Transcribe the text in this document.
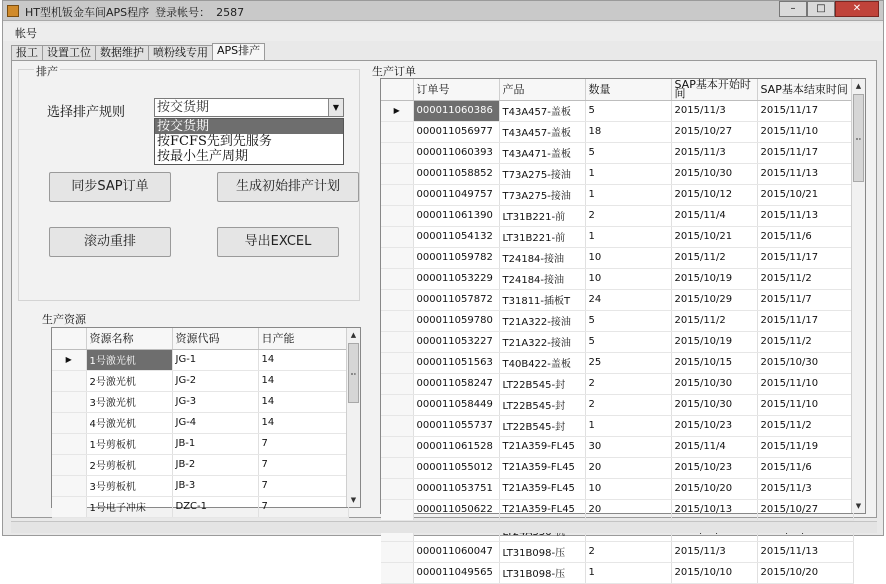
HT型机钣金车间APS程序 登录帐号： 2587	–	□	✕
帐号
报工 设置工位 数据维护 喷粉线专用 APS排产
排产
选择排产规则 按交货期	▼
按交货期
按FCFS先到先服务
按最小生产周期
同步SAP订单	生成初始排产计划
滚动重排	导出EXCEL
生产资源
	资源名称	资源代码	日产能
▶	1号激光机	JG-1	14
	2号激光机	JG-2	14
	3号激光机	JG-3	14
	4号激光机	JG-4	14
	1号剪板机	JB-1	7
	2号剪板机	JB-2	7
	3号剪板机	JB-3	7
	1号电子冲床	DZC-1	7
▲
▼
生产订单
	订单号	产品	数量	SAP基本开始时间	SAP基本结束时间
▶	000011060386	T43A457-盖板	5	2015/11/3	2015/11/17
	000011056977	T43A457-盖板	18	2015/10/27	2015/11/10
	000011060393	T43A471-盖板	5	2015/11/3	2015/11/17
	000011058852	T73A275-接油	1	2015/10/30	2015/11/13
	000011049757	T73A275-接油	1	2015/10/12	2015/10/21
	000011061390	LT31B221-前	2	2015/11/4	2015/11/13
	000011054132	LT31B221-前	1	2015/10/21	2015/11/6
	000011059782	T24184-接油	10	2015/11/2	2015/11/17
	000011053229	T24184-接油	10	2015/10/19	2015/11/2
	000011057872	T31811-插板T	24	2015/10/29	2015/11/7
	000011059780	T21A322-接油	5	2015/11/2	2015/11/17
	000011053227	T21A322-接油	5	2015/10/19	2015/11/2
	000011051563	T40B422-盖板	25	2015/10/15	2015/10/30
	000011058247	LT22B545-封	2	2015/10/30	2015/11/10
	000011058449	LT22B545-封	2	2015/10/30	2015/11/10
	000011055737	LT22B545-封	1	2015/10/23	2015/11/2
	000011061528	T21A359-FL45	30	2015/11/4	2015/11/19
	000011055012	T21A359-FL45	20	2015/10/23	2015/11/6
	000011053751	T21A359-FL45	10	2015/10/20	2015/11/3
	000011050622	T21A359-FL45	20	2015/10/13	2015/10/27

	000011060047	LT31B098-压	2	2015/11/3	2015/11/13
	000011049565	LT31B098-压	1	2015/10/10	2015/10/20
▲
▼
